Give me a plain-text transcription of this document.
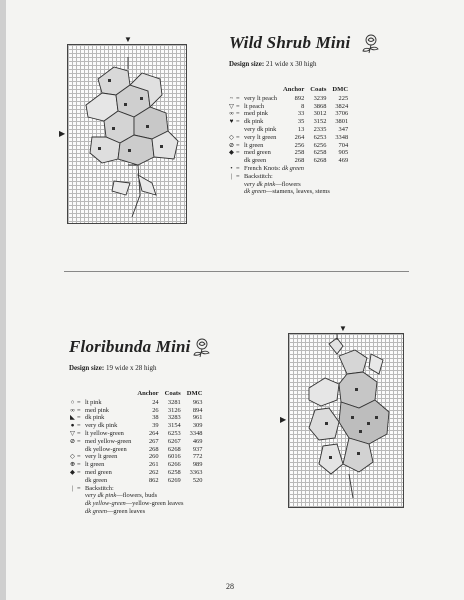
▼
▶
Wild Shrub Mini
Design size: 21 wide x 30 high
			Anchor	Coats	DMC
~	=	very lt peach	892	3239	225
▽	=	lt peach	8	3868	3824
∞	=	med pink	33	3012	3706
♥	=	dk pink	35	3152	3801
		very dk pink	13	2335	347
◇	=	very lt green	264	6253	3348
⊘	=	lt green	256	6256	704
◆	=	med green	258	6258	905
		dk green	268	6268	469
•	=	French Knots: dk green			
|	=	Backstitch:			
		very dk pink—flowers			
		dk green—stamens, leaves, stems			
Floribunda Mini
Design size: 19 wide x 28 high
			Anchor	Coats	DMC
○	=	lt pink	24	3281	963
∞	=	med pink	26	3126	894
◣	=	dk pink	38	3283	961
●	=	very dk pink	39	3154	309
▽	=	lt yellow-green	264	6253	3348
⊘	=	med yellow-green	267	6267	469
		dk yellow-green	268	6268	937
◇	=	very lt green	260	6016	772
⊕	=	lt green	261	6266	989
◆	=	med green	262	6258	3363
		dk green	862	6269	520
|	=	Backstitch:			
		very dk pink—flowers, buds			
		dk yellow-green—yellow-green leaves			
		dk green—green leaves			
▼
▶
28
